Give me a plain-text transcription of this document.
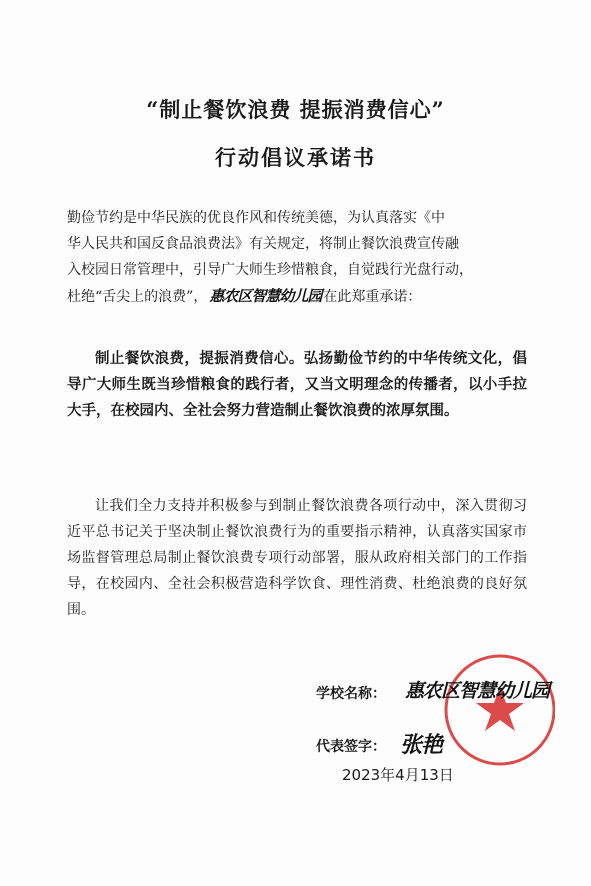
“制止餐饮浪费 提振消费信心”
行动倡议承诺书
勤俭节约是中华民族的优良作风和传统美德，为认真落实《中
华人民共和国反食品浪费法》有关规定，将制止餐饮浪费宣传融
入校园日常管理中，引导广大师生珍惜粮食，自觉践行光盘行动，
杜绝“舌尖上的浪费”， 惠农区智慧幼儿园 在此郑重承诺：
制止餐饮浪费，提振消费信心。弘扬勤俭节约的中华传统文化，倡导广大师生既当珍惜粮食的践行者，又当文明理念的传播者，以小手拉大手，在校园内、全社会努力营造制止餐饮浪费的浓厚氛围。
让我们全力支持并积极参与到制止餐饮浪费各项行动中，深入贯彻习近平总书记关于坚决制止餐饮浪费行为的重要指示精神，认真落实国家市场监督管理总局制止餐饮浪费专项行动部署，服从政府相关部门的工作指导，在校园内、全社会积极营造科学饮食、理性消费、杜绝浪费的良好氛围。
学校名称： 惠农区智慧幼儿园
代表签字： 张艳
2023年4月13日
